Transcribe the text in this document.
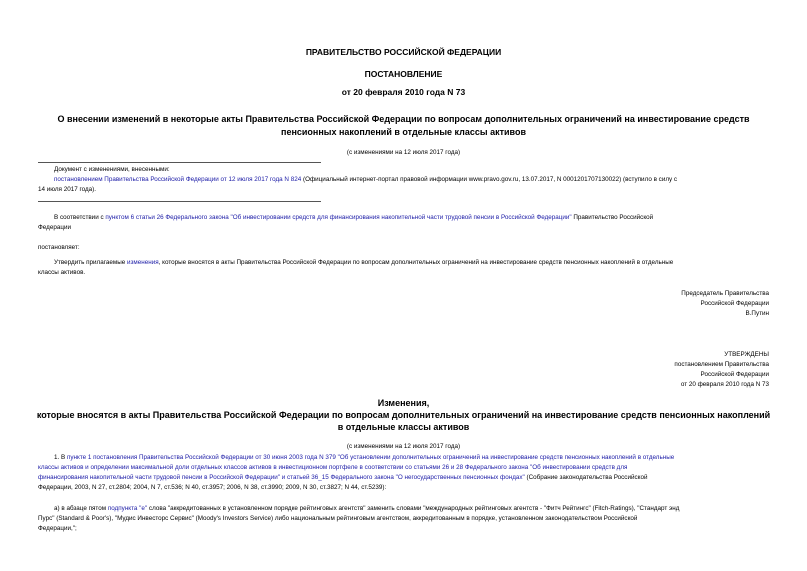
ПРАВИТЕЛЬСТВО РОССИЙСКОЙ ФЕДЕРАЦИИ
ПОСТАНОВЛЕНИЕ
от 20 февраля 2010 года N 73
О внесении изменений в некоторые акты Правительства Российской Федерации по вопросам дополнительных ограничений на инвестирование средств
пенсионных накоплений в отдельные классы активов
(с изменениями на 12 июля 2017 года)
Документ с изменениями, внесенными:
постановлением Правительства Российской Федерации от 12 июля 2017 года N 824 (Официальный интернет-портал правовой информации www.pravo.gov.ru, 13.07.2017, N 0001201707130022) (вступило в силу с
14 июля 2017 года).
В соответствии с пунктом 6 статьи 26 Федерального закона "Об инвестировании средств для финансирования накопительной части трудовой пенсии в Российской Федерации" Правительство Российской
Федерации
постановляет:
Утвердить прилагаемые изменения, которые вносятся в акты Правительства Российской Федерации по вопросам дополнительных ограничений на инвестирование средств пенсионных накоплений в отдельные
классы активов.
Председатель Правительства
Российской Федерации
В.Путин
УТВЕРЖДЕНЫ
постановлением Правительства
Российской Федерации
от 20 февраля 2010 года N 73
Изменения,
которые вносятся в акты Правительства Российской Федерации по вопросам дополнительных ограничений на инвестирование средств пенсионных накоплений
в отдельные классы активов
(с изменениями на 12 июля 2017 года)
1. В пункте 1 постановления Правительства Российской Федерации от 30 июня 2003 года N 379 "Об установлении дополнительных ограничений на инвестирование средств пенсионных накоплений в отдельные
классы активов и определении максимальной доли отдельных классов активов в инвестиционном портфеле в соответствии со статьями 26 и 28 Федерального закона "Об инвестировании средств для
финансирования накопительной части трудовой пенсии в Российской Федерации" и статьей 36_15 Федерального закона "О негосударственных пенсионных фондах" (Собрание законодательства Российской
Федерации, 2003, N 27, ст.2804; 2004, N 7, ст.536; N 40, ст.3957; 2006, N 38, ст.3990; 2009, N 30, ст.3827; N 44, ст.5239):
а) в абзаце пятом подпункта "e" слова "аккредитованных в установленном порядке рейтинговых агентств" заменить словами "международных рейтинговых агентств - "Фитч Рейтингс" (Fitch-Ratings), "Стандарт энд
Пурс" (Standard & Poor's), "Мудис Инвесторс Сервис" (Moody's Investors Service) либо национальным рейтинговым агентством, аккредитованным в порядке, установленном законодательством Российской
Федерации,";
